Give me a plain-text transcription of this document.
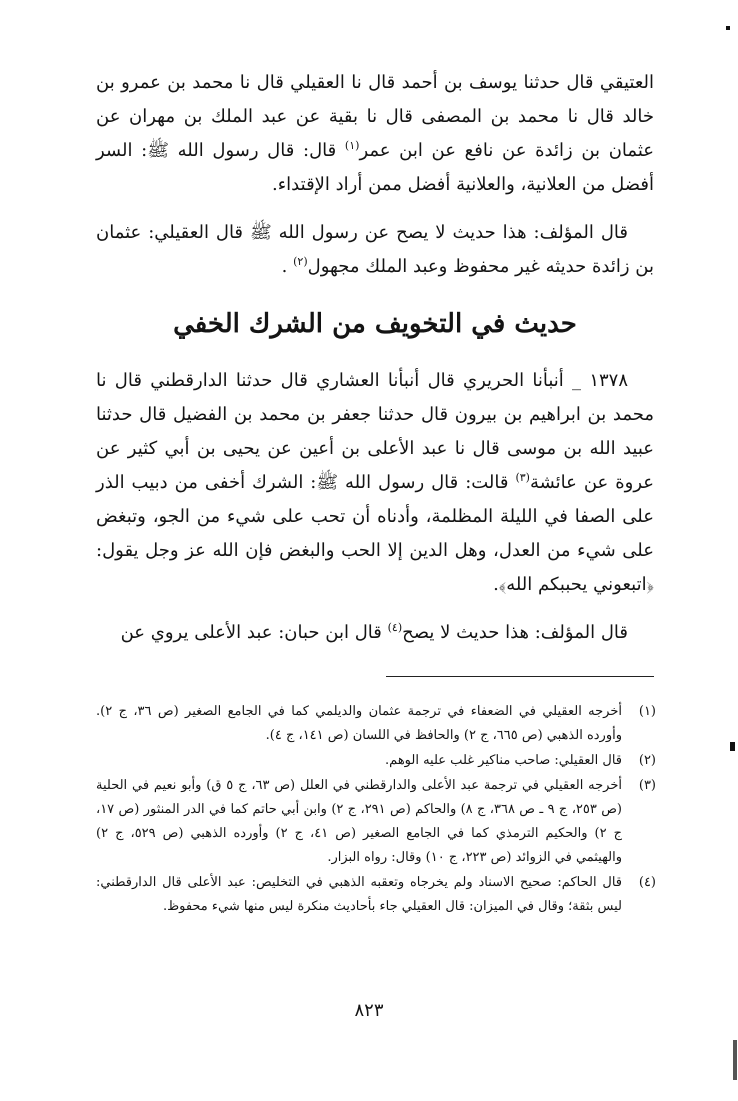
العتيقي قال حدثنا يوسف بن أحمد قال نا العقيلي قال نا محمد بن عمرو بن خالد قال نا محمد بن المصفى قال نا بقية عن عبد الملك بن مهران عن عثمان بن زائدة عن نافع عن ابن عمر$^{(١)}$ قال: قال رسول الله ﷺ: السر أفضل من العلانية، والعلانية أفضل ممن أراد الإقتداء.

قال المؤلف: هذا حديث لا يصح عن رسول الله ﷺ قال العقيلي: عثمان بن زائدة حديثه غير محفوظ وعبد الملك مجهول$^{(٢)}$ .

حديث في التخويف من الشرك الخفي

١٣٧٨ _ أنبأنا الحريري قال أنبأنا العشاري قال حدثنا الدارقطني قال نا محمد بن ابراهيم بن بيرون قال حدثنا جعفر بن محمد بن الفضيل قال حدثنا عبيد الله بن موسى قال نا عبد الأعلى بن أعين عن يحيى بن أبي كثير عن عروة عن عائشة$^{(٣)}$ قالت: قال رسول الله ﷺ: الشرك أخفى من دبيب الذر على الصفا في الليلة المظلمة، وأدناه أن تحب على شيء من الجو، وتبغض على شيء من العدل، وهل الدين إلا الحب والبغض فإن الله عز وجل يقول: ﴿اتبعوني يحببكم الله﴾.

قال المؤلف: هذا حديث لا يصح$^{(٤)}$ قال ابن حبان: عبد الأعلى يروي عن

(١)
أخرجه العقيلي في الضعفاء في ترجمة عثمان والديلمي كما في الجامع الصغير (ص ٣٦، ج ٢). وأورده الذهبي (ص ٦٦٥، ج ٢) والحافظ في اللسان (ص ١٤١، ج ٤).
(٢)
قال العقيلي: صاحب مناكير غلب عليه الوهم.
(٣)
أخرجه العقيلي في ترجمة عبد الأعلى والدارقطني في العلل (ص ٦٣، ج ٥ ق) وأبو نعيم في الحلية (ص ٢٥٣، ج ٩ ـ ص ٣٦٨، ج ٨) والحاكم (ص ٢٩١، ج ٢) وابن أبي حاتم كما في الدر المنثور (ص ١٧، ج ٢) والحكيم الترمذي كما في الجامع الصغير (ص ٤١، ج ٢) وأورده الذهبي (ص ٥٢٩، ج ٢) والهيثمي في الزوائد (ص ٢٢٣، ج ١٠) وقال: رواه البزار.
(٤)
قال الحاكم: صحيح الاسناد ولم يخرجاه وتعقبه الذهبي في التخليص: عبد الأعلى قال الدارقطني: ليس بثقة؛ وقال في الميزان: قال العقيلي جاء بأحاديث منكرة ليس منها شيء محفوظ.
٨٢٣
